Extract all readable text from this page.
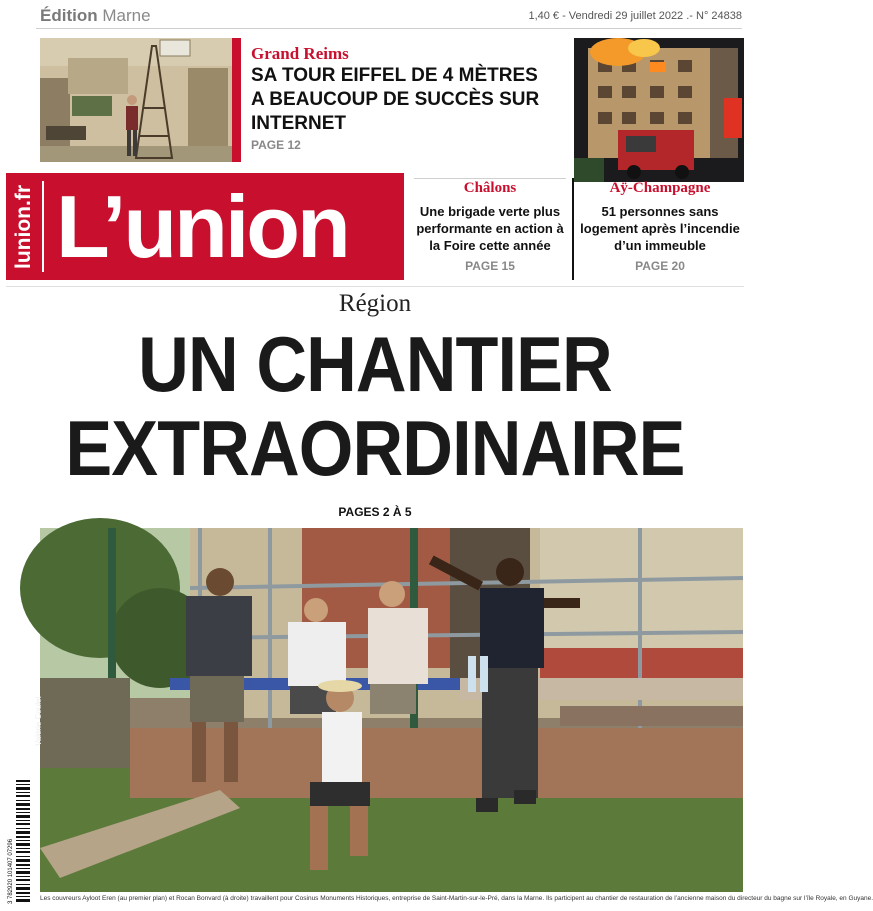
Édition Marne	1,40 € - Vendredi 29 juillet 2022 .- N° 24838
Grand Reims
SA TOUR EIFFEL DE 4 MÈTRES A BEAUCOUP DE SUCCÈS SUR INTERNET
PAGE 12
lunion.fr L’union	Châlons
Une brigade verte plus performante en action à la Foire cette année
PAGE 15
Aÿ-Champagne
51 personnes sans logement après l’incendie d’un immeuble
PAGE 20
Région
UN CHANTIER
EXTRAORDINAIRE
PAGES 2 À 5
Valérie Coulet
Les couvreurs Ayloot Eren (au premier plan) et Rocan Bonvard (à droite) travaillent pour Cosinus Monuments Historiques, entreprise de Saint-Martin-sur-le-Pré, dans la Marne. Ils participent au chantier de restauration de l’ancienne maison du directeur du bagne sur l’île Royale, en Guyane.
3 782920 101407 07296
